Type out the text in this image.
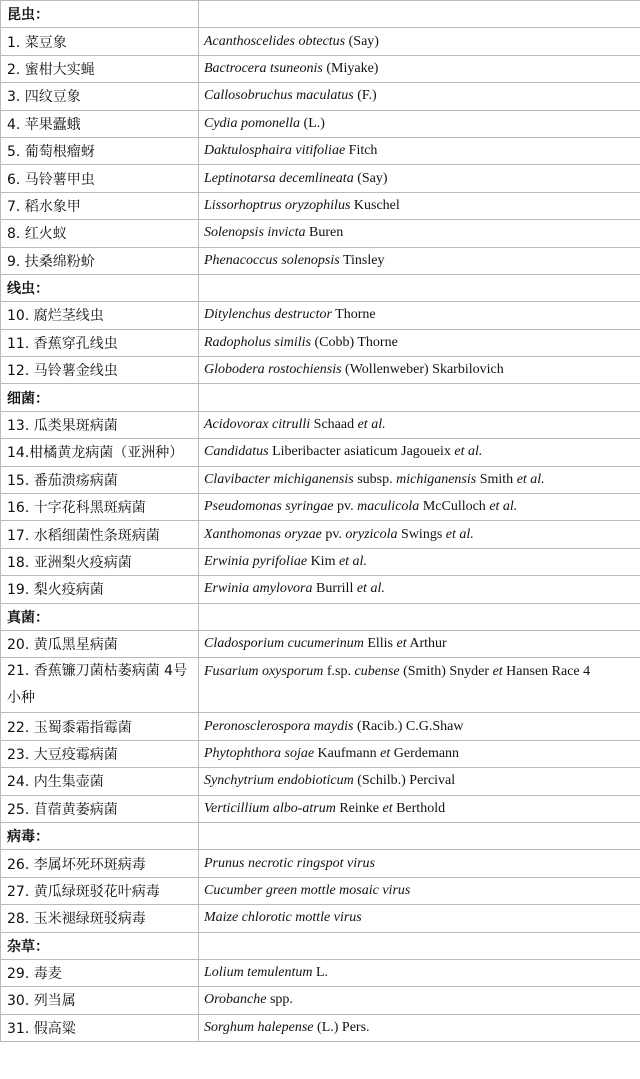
昆虫：	
1. 菜豆象	Acanthoscelides obtectus (Say)
2. 蜜柑大实蝇	Bactrocera tsuneonis (Miyake)
3. 四纹豆象	Callosobruchus maculatus (F.)
4. 苹果蠹蛾	Cydia pomonella (L.)
5. 葡萄根瘤蚜	Daktulosphaira vitifoliae Fitch
6. 马铃薯甲虫	Leptinotarsa decemlineata (Say)
7. 稻水象甲	Lissorhoptrus oryzophilus Kuschel
8. 红火蚁	Solenopsis invicta Buren
9. 扶桑绵粉蚧	Phenacoccus solenopsis Tinsley
线虫：	
10. 腐烂茎线虫	Ditylenchus destructor Thorne
11. 香蕉穿孔线虫	Radopholus similis (Cobb) Thorne
12. 马铃薯金线虫	Globodera rostochiensis (Wollenweber) Skarbilovich
细菌：	
13. 瓜类果斑病菌	Acidovorax citrulli Schaad et al.
14.柑橘黄龙病菌（亚洲种）	Candidatus Liberibacter asiaticum Jagoueix et al.
15. 番茄溃疡病菌	Clavibacter michiganensis subsp. michiganensis Smith et al.
16. 十字花科黑斑病菌	Pseudomonas syringae pv. maculicola McCulloch et al.
17. 水稻细菌性条斑病菌	Xanthomonas oryzae pv. oryzicola Swings et al.
18. 亚洲梨火疫病菌	Erwinia pyrifoliae Kim et al.
19. 梨火疫病菌	Erwinia amylovora Burrill et al.
真菌：	
20. 黄瓜黑星病菌	Cladosporium cucumerinum Ellis et Arthur
21. 香蕉镰刀菌枯萎病菌 4号小种	Fusarium oxysporum f.sp. cubense (Smith) Snyder et Hansen Race 4
22. 玉蜀黍霜指霉菌	Peronosclerospora maydis (Racib.) C.G.Shaw
23. 大豆疫霉病菌	Phytophthora sojae Kaufmann et Gerdemann
24. 内生集壶菌	Synchytrium endobioticum (Schilb.) Percival
25. 苜蓿黄萎病菌	Verticillium albo-atrum Reinke et Berthold
病毒：	
26. 李属坏死环斑病毒	Prunus necrotic ringspot virus
27. 黄瓜绿斑驳花叶病毒	Cucumber green mottle mosaic virus
28. 玉米褪绿斑驳病毒	Maize chlorotic mottle virus
杂草：	
29. 毒麦	Lolium temulentum L.
30. 列当属	Orobanche spp.
31. 假高粱	Sorghum halepense (L.) Pers.
